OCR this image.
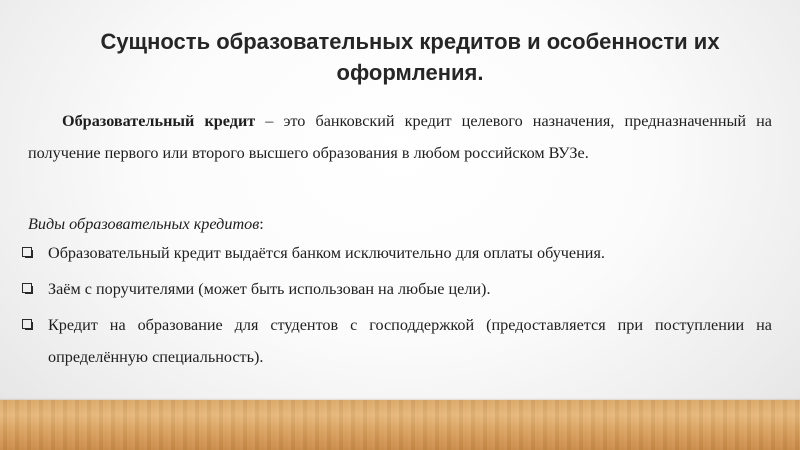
Сущность образовательных кредитов и особенности их оформления.

Образовательный кредит – это банковский кредит целевого назначения, предназначенный на получение первого или второго высшего образования в любом российском ВУЗе.

Виды образовательных кредитов:

Образовательный кредит выдаётся банком исключительно для оплаты обучения.
Заём с поручителями (может быть использован на любые цели).
Кредит на образование для студентов с господдержкой (предоставляется при поступлении на определённую специальность).
